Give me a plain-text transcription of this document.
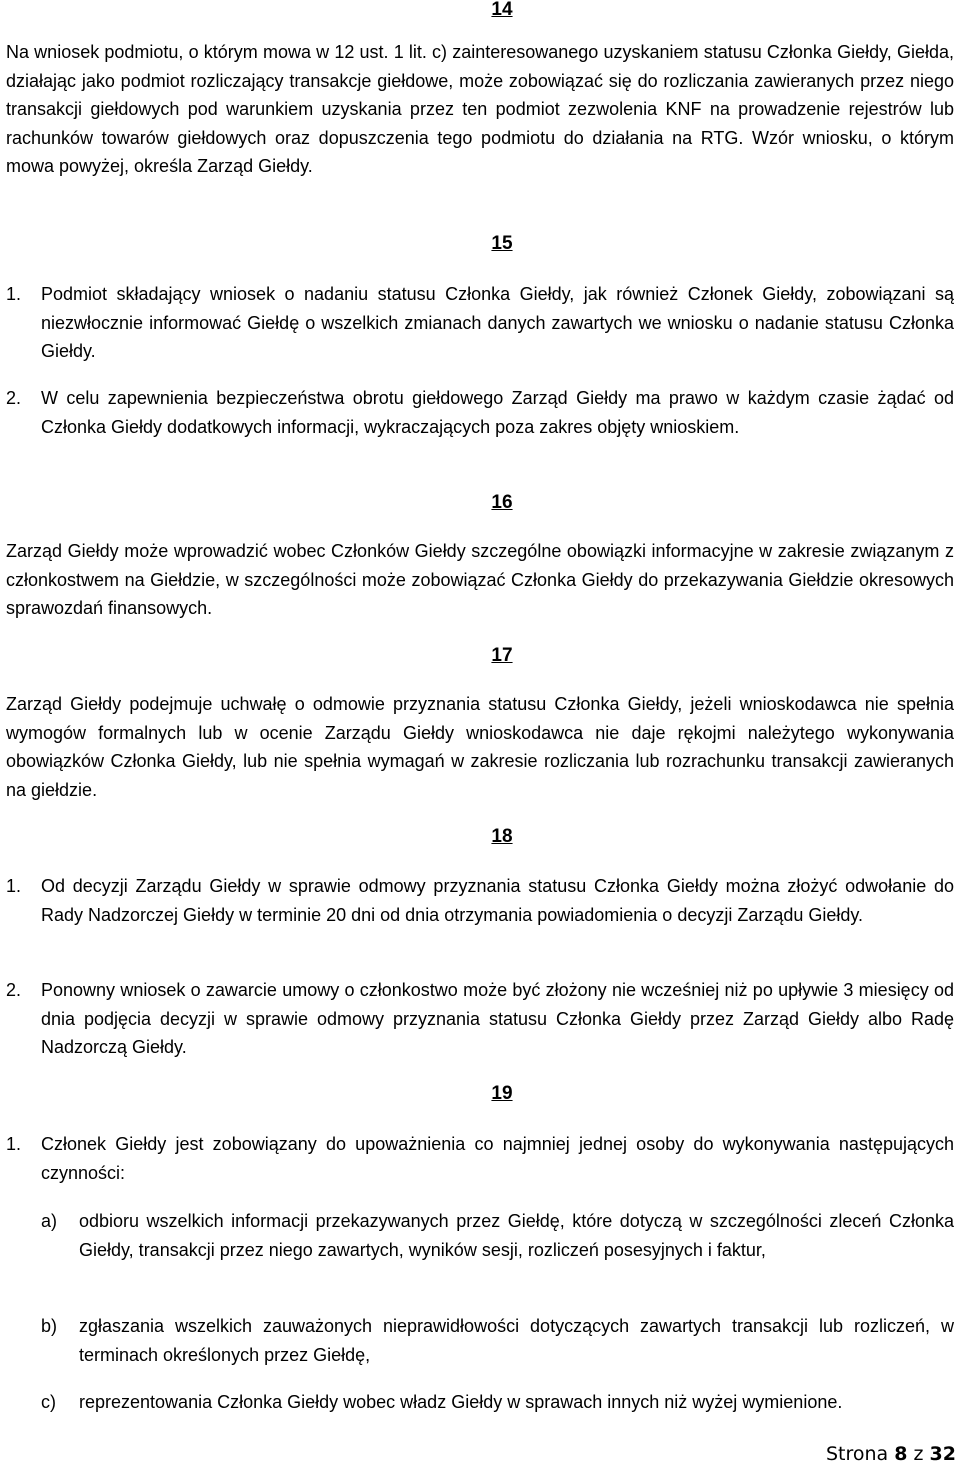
14

Na wniosek podmiotu, o którym mowa w 12 ust. 1 lit. c) zainteresowanego uzyskaniem statusu Członka Giełdy, Giełda, działając jako podmiot rozliczający transakcje giełdowe, może zobowiązać się do rozliczania zawieranych przez niego transakcji giełdowych pod warunkiem uzyskania przez ten podmiot zezwolenia KNF na prowadzenie rejestrów lub rachunków towarów giełdowych oraz dopuszczenia tego podmiotu do działania na RTG. Wzór wniosku, o którym mowa powyżej, określa Zarząd Giełdy.

15
1.	Podmiot składający wniosek o nadaniu statusu Członka Giełdy, jak również Członek Giełdy, zobowiązani są niezwłocznie informować Giełdę o wszelkich zmianach danych zawartych we wniosku o nadanie statusu Członka Giełdy.
2.	W celu zapewnienia bezpieczeństwa obrotu giełdowego Zarząd Giełdy ma prawo w każdym czasie żądać od Członka Giełdy dodatkowych informacji, wykraczających poza zakres objęty wnioskiem.
16

Zarząd Giełdy może wprowadzić wobec Członków Giełdy szczególne obowiązki informacyjne w zakresie związanym z członkostwem na Giełdzie, w szczególności może zobowiązać Członka Giełdy do przekazywania Giełdzie okresowych sprawozdań finansowych.

17

Zarząd Giełdy podejmuje uchwałę o odmowie przyznania statusu Członka Giełdy, jeżeli wnioskodawca nie spełnia wymogów formalnych lub w ocenie Zarządu Giełdy wnioskodawca nie daje rękojmi należytego wykonywania obowiązków Członka Giełdy, lub nie spełnia wymagań w zakresie rozliczania lub rozrachunku transakcji zawieranych na giełdzie.

18
1.	Od decyzji Zarządu Giełdy w sprawie odmowy przyznania statusu Członka Giełdy można złożyć odwołanie do Rady Nadzorczej Giełdy w terminie 20 dni od dnia otrzymania powiadomienia o decyzji Zarządu Giełdy.
2.	Ponowny wniosek o zawarcie umowy o członkostwo może być złożony nie wcześniej niż po upływie 3 miesięcy od dnia podjęcia decyzji w sprawie odmowy przyznania statusu Członka Giełdy przez Zarząd Giełdy albo Radę Nadzorczą Giełdy.
19
1.	Członek Giełdy jest zobowiązany do upoważnienia co najmniej jednej osoby do wykonywania następujących czynności:
a)	odbioru wszelkich informacji przekazywanych przez Giełdę, które dotyczą w szczególności zleceń Członka Giełdy, transakcji przez niego zawartych, wyników sesji, rozliczeń posesyjnych i faktur,
b)	zgłaszania wszelkich zauważonych nieprawidłowości dotyczących zawartych transakcji lub rozliczeń, w terminach określonych przez Giełdę,
c)	reprezentowania Członka Giełdy wobec władz Giełdy w sprawach innych niż wyżej wymienione.
Strona 8 z 32
